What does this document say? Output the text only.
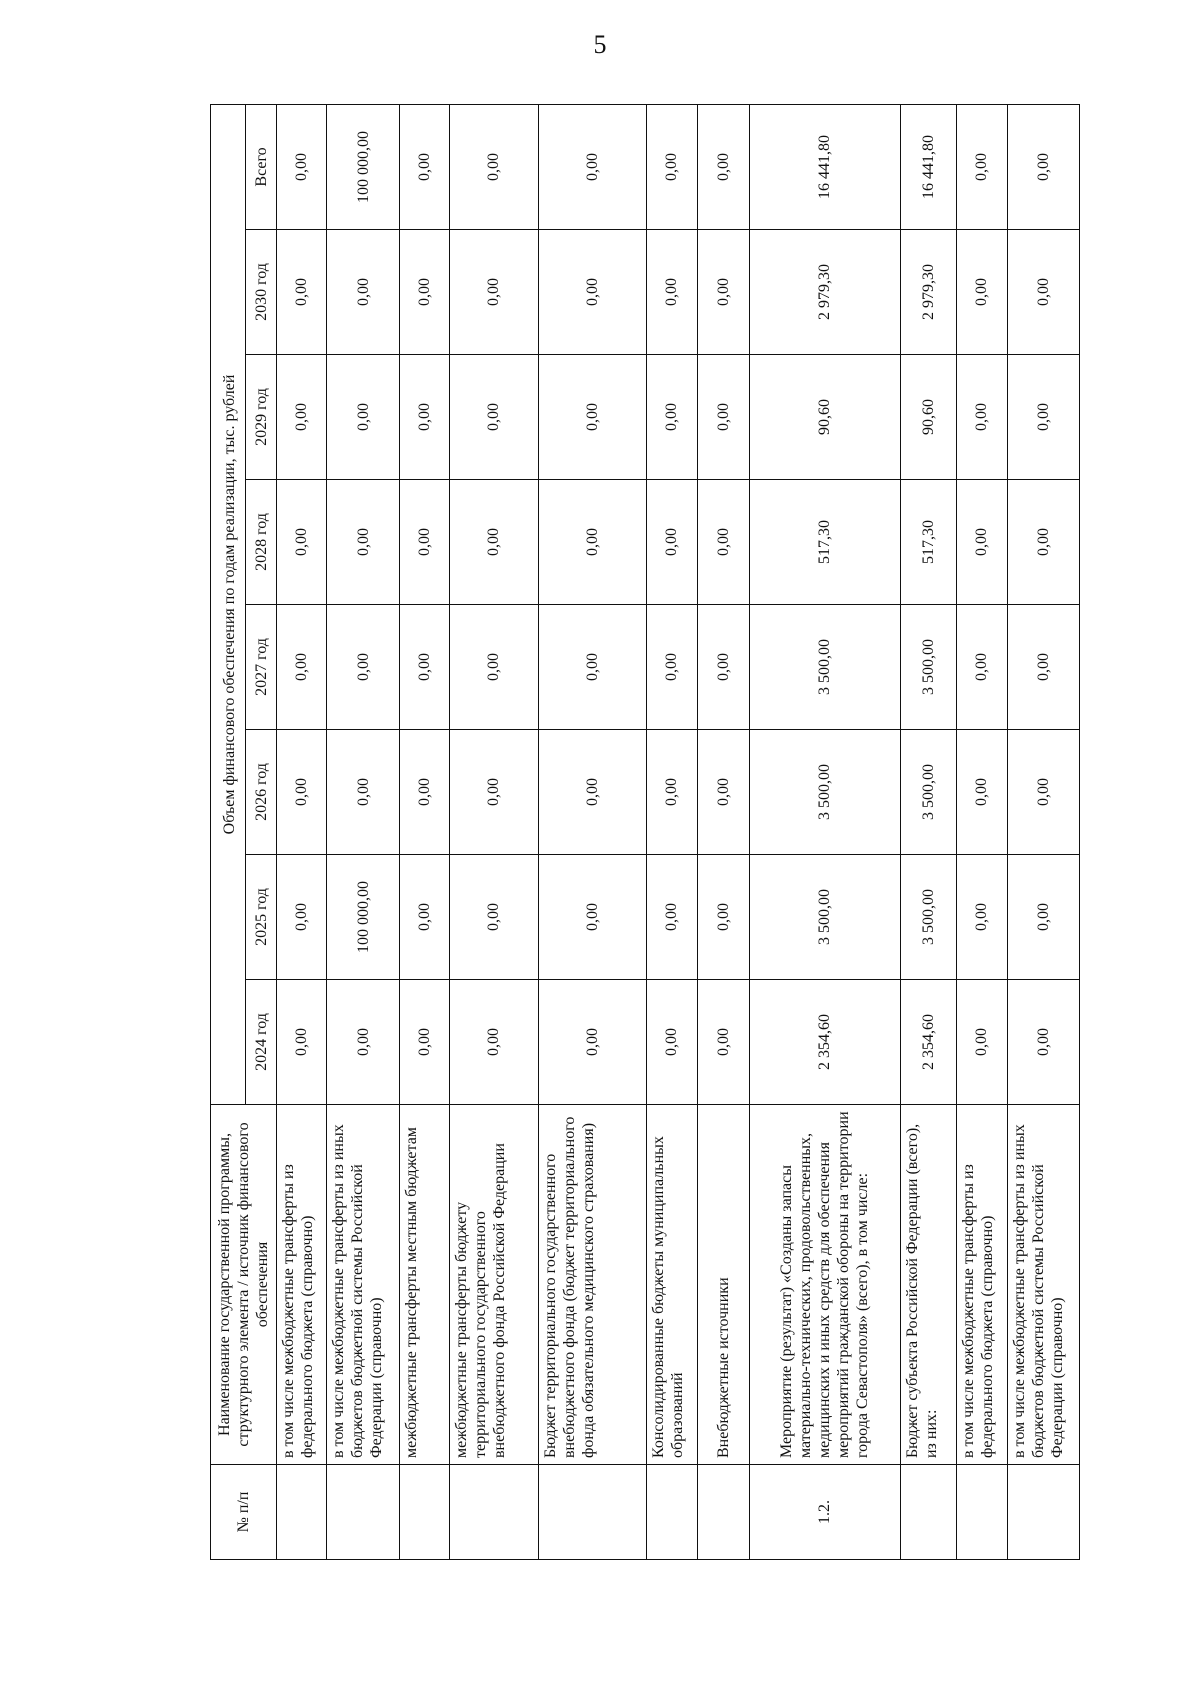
5
№ п/п	Наименование государственной программы, структурного элемента / источник финансового обеспечения	Объем финансового обеспечения по годам реализации, тыс. рублей							
		2024 год	2025 год	2026 год	2027 год	2028 год	2029 год	2030 год	Всего
	в том числе межбюджетные трансферты из федерального бюджета (справочно)	0,00	0,00	0,00	0,00	0,00	0,00	0,00	0,00
	в том числе межбюджетные трансферты из иных бюджетов бюджетной системы Российской Федерации (справочно)	0,00	100 000,00	0,00	0,00	0,00	0,00	0,00	100 000,00
	межбюджетные трансферты местным бюджетам	0,00	0,00	0,00	0,00	0,00	0,00	0,00	0,00
	межбюджетные трансферты бюджету территориального государственного внебюджетного фонда Российской Федерации	0,00	0,00	0,00	0,00	0,00	0,00	0,00	0,00
	Бюджет территориального государственного внебюджетного фонда (бюджет территориального фонда обязательного медицинского страхования)	0,00	0,00	0,00	0,00	0,00	0,00	0,00	0,00
	Консолидированные бюджеты муниципальных образований	0,00	0,00	0,00	0,00	0,00	0,00	0,00	0,00
	Внебюджетные источники	0,00	0,00	0,00	0,00	0,00	0,00	0,00	0,00
1.2.	Мероприятие (результат) «Созданы запасы материально-технических, продовольственных, медицинских и иных средств для обеспечения мероприятий гражданской обороны на территории города Севастополя» (всего), в том числе:	2 354,60	3 500,00	3 500,00	3 500,00	517,30	90,60	2 979,30	16 441,80
	Бюджет субъекта Российской Федерации (всего), из них:	2 354,60	3 500,00	3 500,00	3 500,00	517,30	90,60	2 979,30	16 441,80
	в том числе межбюджетные трансферты из федерального бюджета (справочно)	0,00	0,00	0,00	0,00	0,00	0,00	0,00	0,00
	в том числе межбюджетные трансферты из иных бюджетов бюджетной системы Российской Федерации (справочно)	0,00	0,00	0,00	0,00	0,00	0,00	0,00	0,00
